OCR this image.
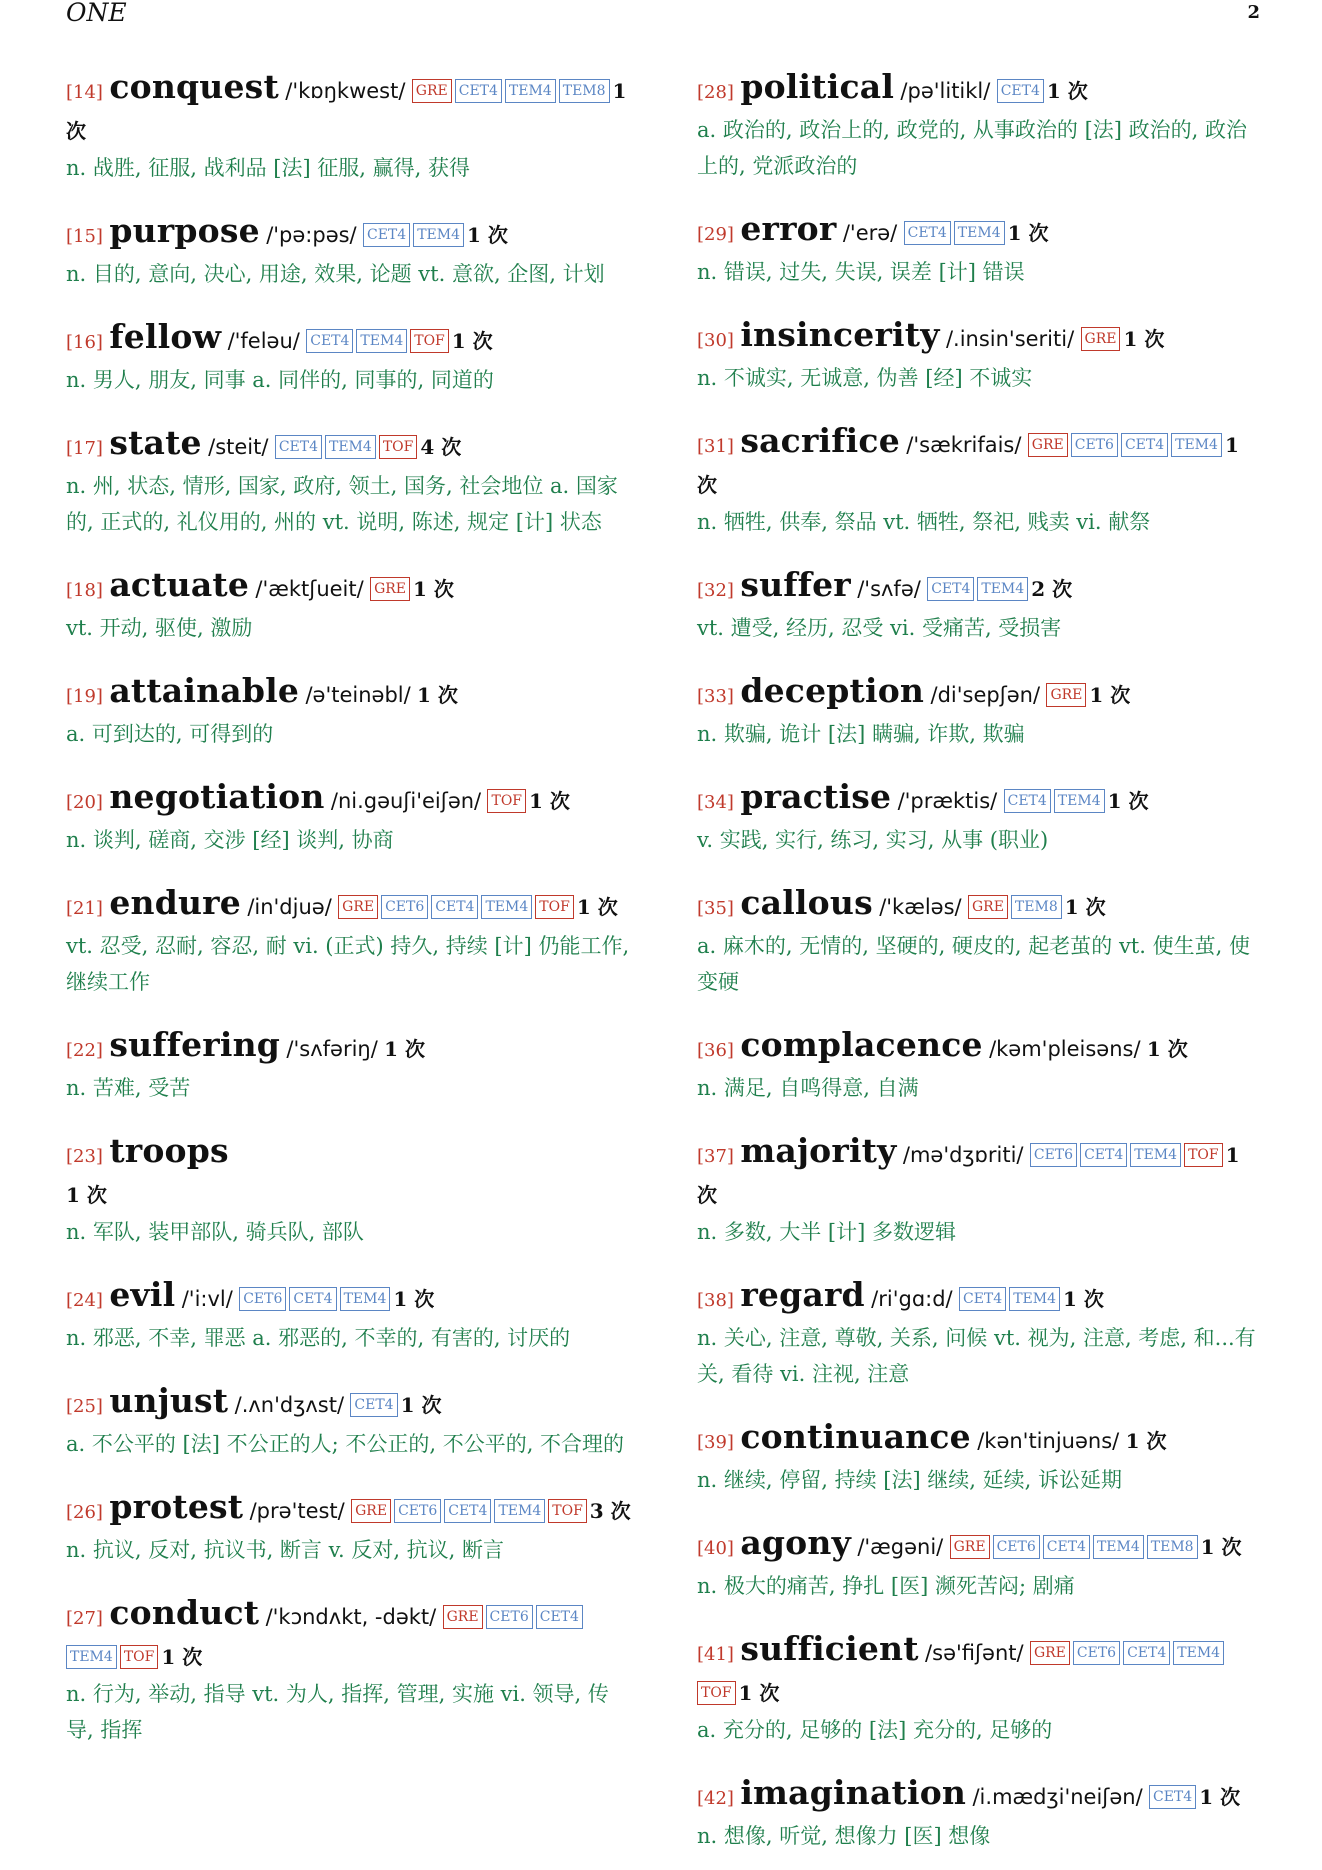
ONE	2
[14] conquest /'kɒŋkwest/ GRE CET4 TEM4 TEM8 1 次
n. 战胜, 征服, 战利品 [法] 征服, 赢得, 获得
[15] purpose /'pə:pəs/ CET4 TEM4 1 次
n. 目的, 意向, 决心, 用途, 效果, 论题 vt. 意欲, 企图, 计划
[16] fellow /'feləu/ CET4 TEM4 TOF 1 次
n. 男人, 朋友, 同事 a. 同伴的, 同事的, 同道的
[17] state /steit/ CET4 TEM4 TOF 4 次
n. 州, 状态, 情形, 国家, 政府, 领土, 国务, 社会地位 a. 国家的, 正式的, 礼仪用的, 州的 vt. 说明, 陈述, 规定 [计] 状态
[18] actuate /'æktʃueit/ GRE 1 次
vt. 开动, 驱使, 激励
[19] attainable /ə'teinəbl/ 1 次
a. 可到达的, 可得到的
[20] negotiation /ni.gəuʃi'eiʃən/ TOF 1 次
n. 谈判, 磋商, 交涉 [经] 谈判, 协商
[21] endure /in'djuə/ GRE CET6 CET4 TEM4 TOF 1 次
vt. 忍受, 忍耐, 容忍, 耐 vi. (正式) 持久, 持续 [计] 仍能工作, 继续工作
[22] suffering /'sʌfəriŋ/ 1 次
n. 苦难, 受苦
[23] troops
1 次
n. 军队, 装甲部队, 骑兵队, 部队
[24] evil /'i:vl/ CET6 CET4 TEM4 1 次
n. 邪恶, 不幸, 罪恶 a. 邪恶的, 不幸的, 有害的, 讨厌的
[25] unjust /.ʌn'dʒʌst/ CET4 1 次
a. 不公平的 [法] 不公正的人; 不公正的, 不公平的, 不合理的
[26] protest /prə'test/ GRE CET6 CET4 TEM4 TOF 3 次
n. 抗议, 反对, 抗议书, 断言 v. 反对, 抗议, 断言
[27] conduct /'kɔndʌkt, -dəkt/ GRE CET6 CET4TEM4 TOF 1 次
n. 行为, 举动, 指导 vt. 为人, 指挥, 管理, 实施 vi. 领导, 传导, 指挥
[28] political /pə'litikl/ CET4 1 次
a. 政治的, 政治上的, 政党的, 从事政治的 [法] 政治的, 政治上的, 党派政治的
[29] error /'erə/ CET4 TEM4 1 次
n. 错误, 过失, 失误, 误差 [计] 错误
[30] insincerity /.insin'seriti/ GRE 1 次
n. 不诚实, 无诚意, 伪善 [经] 不诚实
[31] sacrifice /'sækrifais/ GRE CET6 CET4 TEM4 1 次
n. 牺牲, 供奉, 祭品 vt. 牺牲, 祭祀, 贱卖 vi. 献祭
[32] suffer /'sʌfə/ CET4 TEM4 2 次
vt. 遭受, 经历, 忍受 vi. 受痛苦, 受损害
[33] deception /di'sepʃən/ GRE 1 次
n. 欺骗, 诡计 [法] 瞒骗, 诈欺, 欺骗
[34] practise /'præktis/ CET4 TEM4 1 次
v. 实践, 实行, 练习, 实习, 从事 (职业)
[35] callous /'kæləs/ GRE TEM8 1 次
a. 麻木的, 无情的, 坚硬的, 硬皮的, 起老茧的 vt. 使生茧, 使变硬
[36] complacence /kəm'pleisəns/ 1 次
n. 满足, 自鸣得意, 自满
[37] majority /mə'dʒɒriti/ CET6 CET4 TEM4 TOF 1 次
n. 多数, 大半 [计] 多数逻辑
[38] regard /ri'gɑ:d/ CET4 TEM4 1 次
n. 关心, 注意, 尊敬, 关系, 问候 vt. 视为, 注意, 考虑, 和...有关, 看待 vi. 注视, 注意
[39] continuance /kən'tinjuəns/ 1 次
n. 继续, 停留, 持续 [法] 继续, 延续, 诉讼延期
[40] agony /'ægəni/ GRE CET6 CET4 TEM4 TEM8 1 次
n. 极大的痛苦, 挣扎 [医] 濒死苦闷; 剧痛
[41] sufficient /sə'fiʃənt/ GRE CET6 CET4 TEM4TOF 1 次
a. 充分的, 足够的 [法] 充分的, 足够的
[42] imagination /i.mædʒi'neiʃən/ CET4 1 次
n. 想像, 听觉, 想像力 [医] 想像
